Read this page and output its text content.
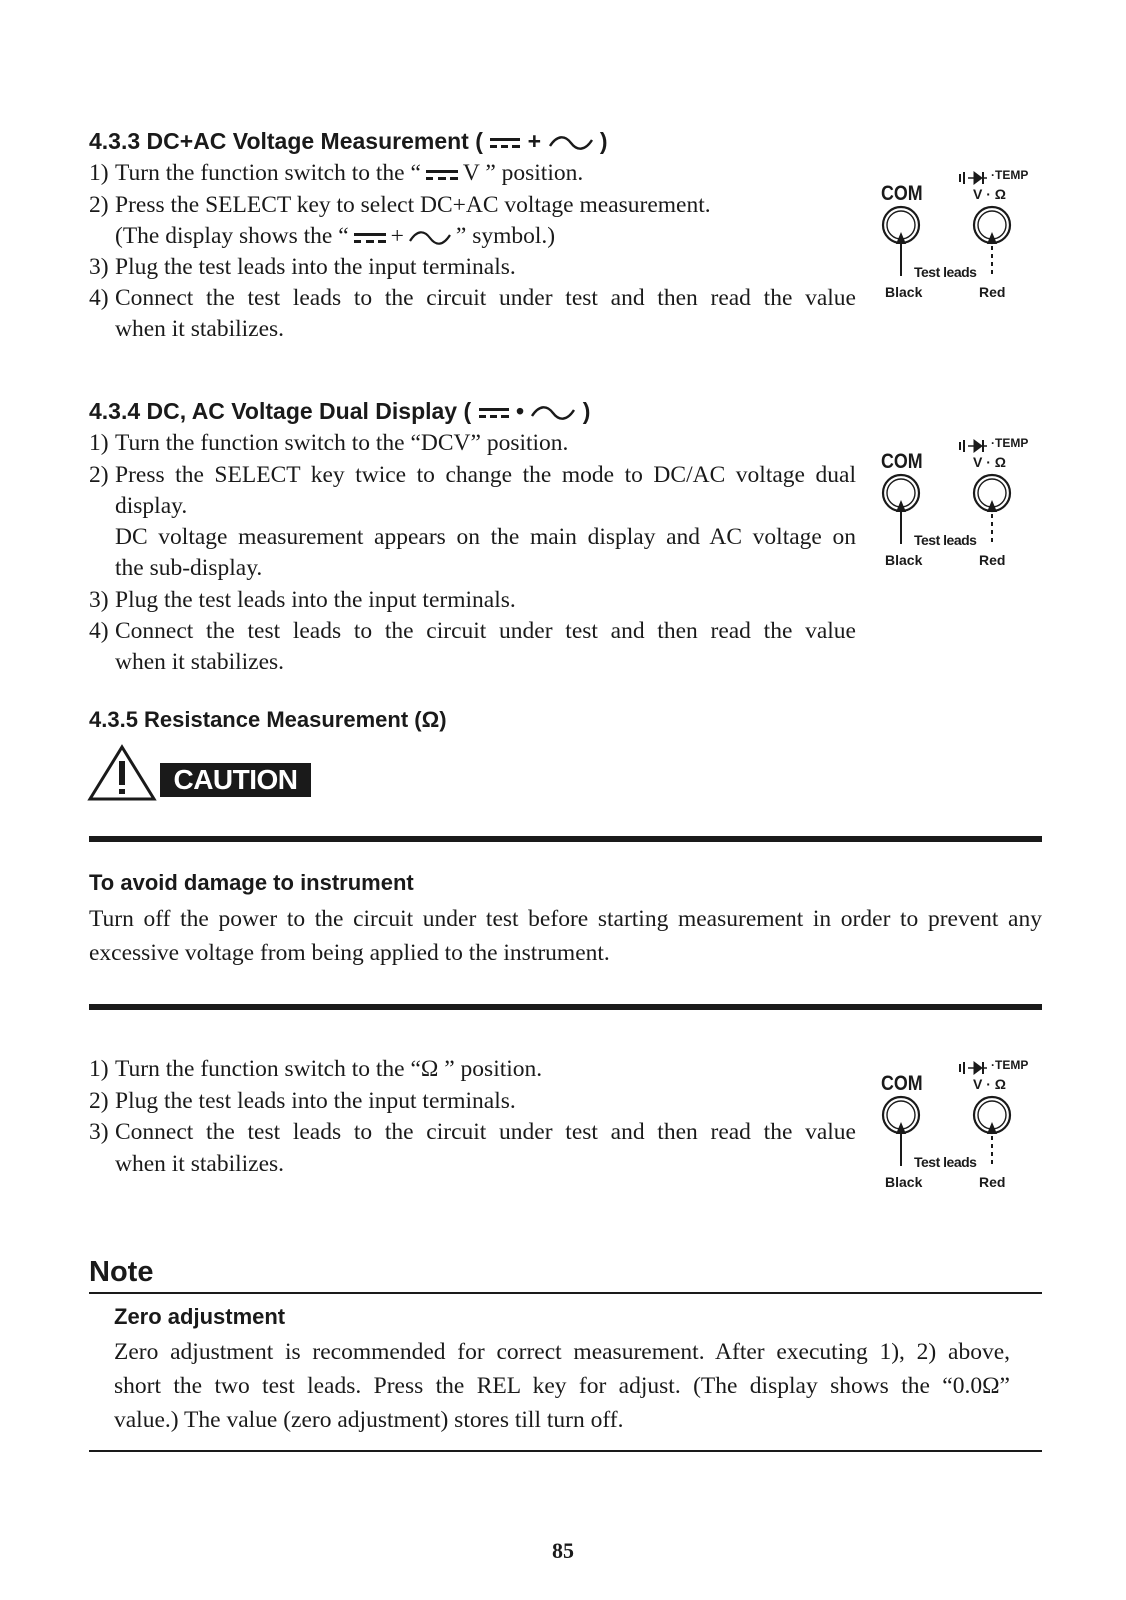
4.3.3 DC+AC Voltage Measurement ( +	)
1) Turn the function switch to the “ V ” position.
2) Press the SELECT key to select DC+AC voltage measurement.
(The display shows the “ + ” symbol.)
3) Plug the test leads into the input terminals.
4) Connect the test leads to the circuit under test and then read the value
when it stabilizes.
COM
·TEMP
V · Ω
Test leads
Black	Red
4.3.4 DC, AC Voltage Dual Display ( •	)
1) Turn the function switch to the “DCV” position.
2) Press the SELECT key twice to change the mode to DC/AC voltage dual
display.
DC voltage measurement appears on the main display and AC voltage on
the sub-display.
3) Plug the test leads into the input terminals.
4) Connect the test leads to the circuit under test and then read the value
when it stabilizes.
COM
·TEMP
V · Ω
Test leads
Black	Red
4.3.5 Resistance Measurement (Ω)
CAUTION
To avoid damage to instrument
Turn off the power to the circuit under test before starting measurement in order to prevent any
excessive voltage from being applied to the instrument.
1) Turn the function switch to the “Ω ” position.
2) Plug the test leads into the input terminals.
3) Connect the test leads to the circuit under test and then read the value
when it stabilizes.
COM
·TEMP
V · Ω
Test leads
Black	Red
Note
Zero adjustment
Zero adjustment is recommended for correct measurement. After executing 1), 2) above,
short the two test leads. Press the REL key for adjust. (The display shows the “0.0Ω”
value.) The value (zero adjustment) stores till turn off.
85
